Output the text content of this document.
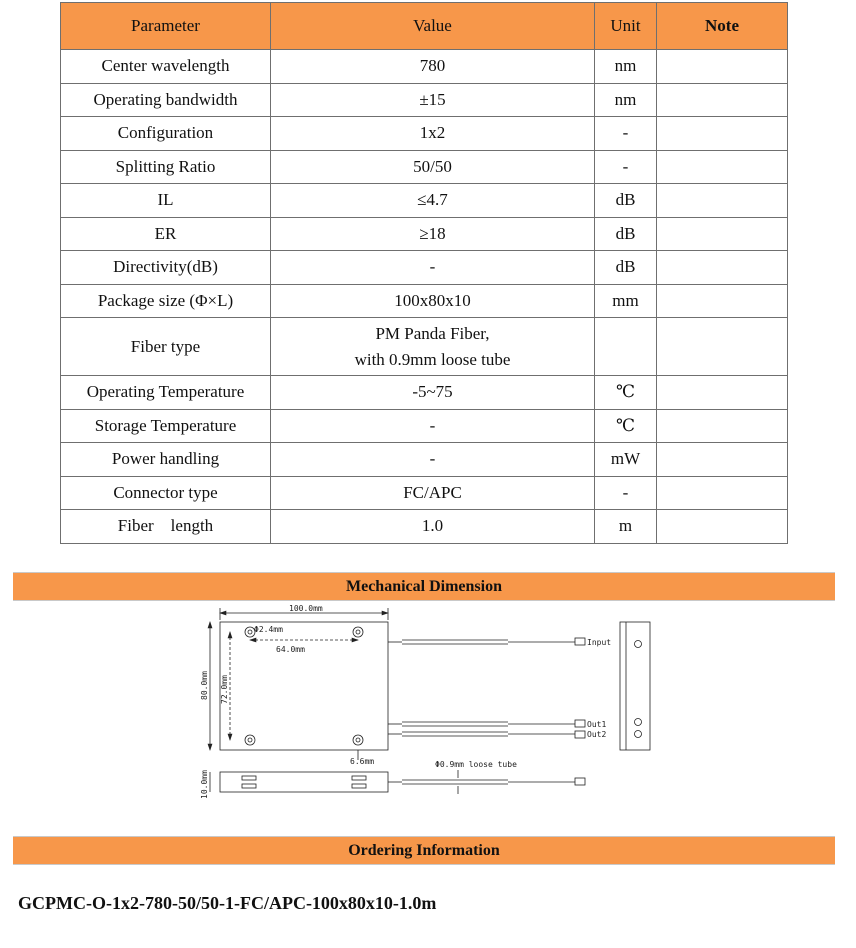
Parameter	Value	Unit	Note
Center wavelength	780	nm	
Operating bandwidth	±15	nm	
Configuration	1x2	-	
Splitting Ratio	50/50	-	
IL	≤4.7	dB	
ER	≥18	dB	
Directivity(dB)	-	dB	
Package size (Φ×L)	100x80x10	mm	
Fiber type	PM Panda Fiber,
with 0.9mm loose tube		

Operating Temperature	-5~75	℃	
Storage Temperature	-	℃	
Power handling	-	mW	
Connector type	FC/APC	-	
Fiber    length	1.0	m	
Mechanical Dimension
100.0mm
Φ2.4mm
64.0mm
80.0mm 72.0mm
6.6mm
10.0mm
Φ0.9mm loose tube
Input
Out1
Out2
Ordering Information
GCPMC-O-1x2-780-50/50-1-FC/APC-100x80x10-1.0m
